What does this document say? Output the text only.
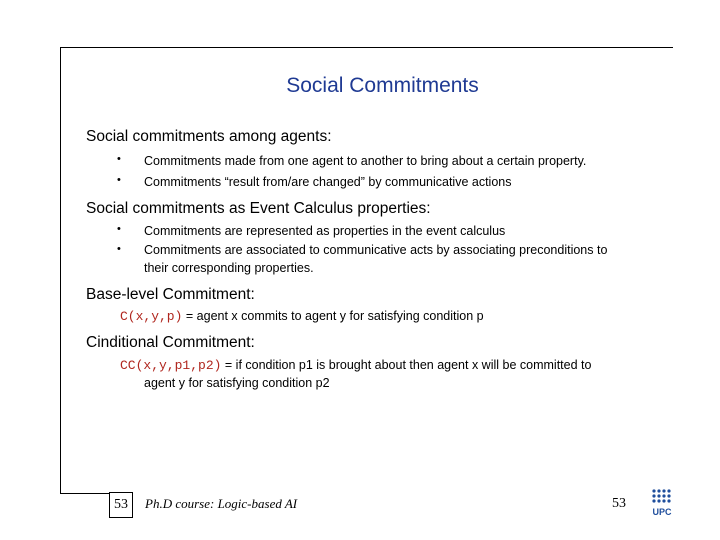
Social Commitments
Social commitments among agents:
• Commitments made from one agent to another to bring about a certain property.
• Commitments “result from/are changed” by communicative actions
Social commitments as Event Calculus properties:
• Commitments are represented as properties in the event calculus
• Commitments are associated to communicative acts by associating preconditions to
their corresponding properties.
Base-level Commitment:
C(x,y,p) = agent x commits to agent y for satisfying condition p
Cinditional Commitment:
CC(x,y,p1,p2) = if condition p1 is brought about then agent x will be committed to
agent y for satisfying condition p2
53	Ph.D course: Logic-based AI	53
UPC
